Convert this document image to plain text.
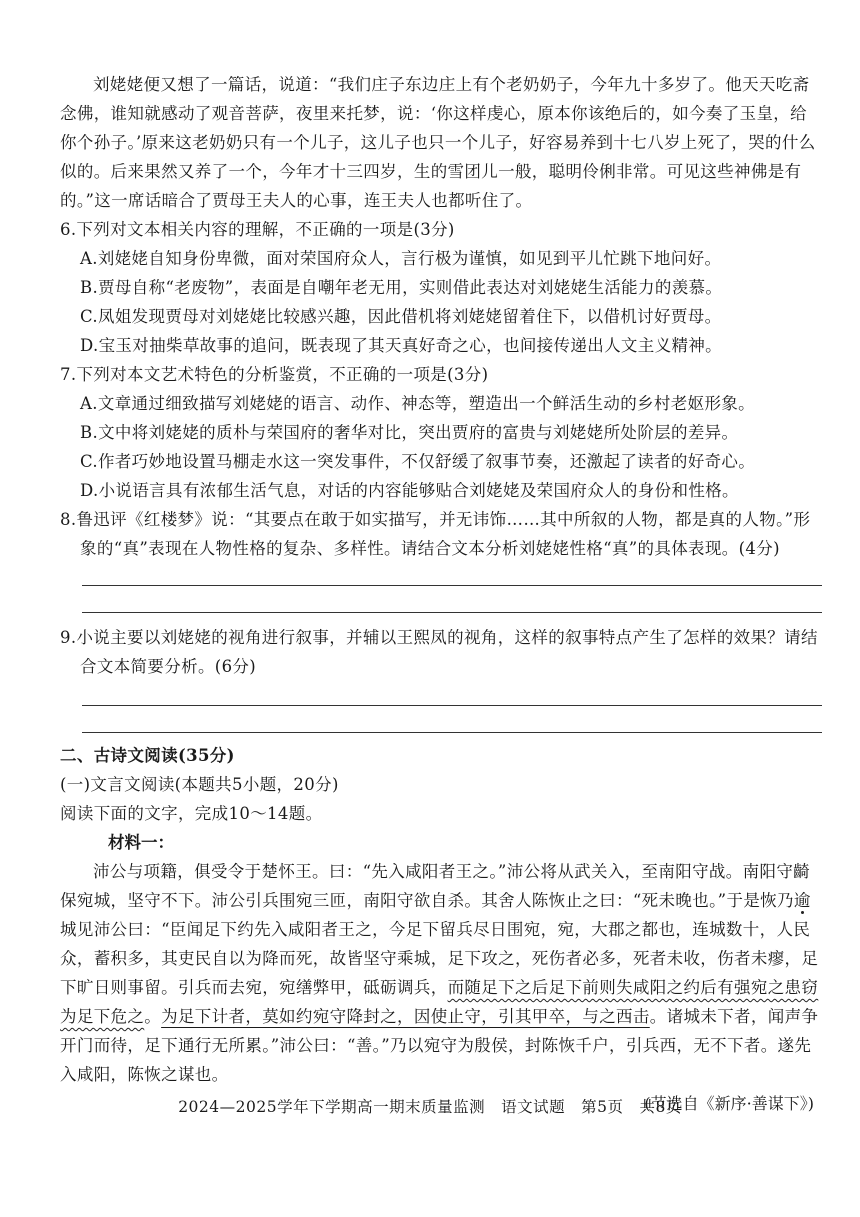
刘姥姥便又想了一篇话，说道：“我们庄子东边庄上有个老奶奶子，今年九十多岁了。他天天吃斋念佛，谁知就感动了观音菩萨，夜里来托梦，说：‘你这样虔心，原本你该绝后的，如今奏了玉皇，给你个孙子。’原来这老奶奶只有一个儿子，这儿子也只一个儿子，好容易养到十七八岁上死了，哭的什么似的。后来果然又养了一个，今年才十三四岁，生的雪团儿一般，聪明伶俐非常。可见这些神佛是有的。”这一席话暗合了贾母王夫人的心事，连王夫人也都听住了。

6.下列对文本相关内容的理解，不正确的一项是(3分)

A.刘姥姥自知身份卑微，面对荣国府众人，言行极为谨慎，如见到平儿忙跳下地问好。

B.贾母自称“老废物”，表面是自嘲年老无用，实则借此表达对刘姥姥生活能力的羡慕。

C.凤姐发现贾母对刘姥姥比较感兴趣，因此借机将刘姥姥留着住下，以借机讨好贾母。

D.宝玉对抽柴草故事的追问，既表现了其天真好奇之心，也间接传递出人文主义精神。

7.下列对本文艺术特色的分析鉴赏，不正确的一项是(3分)

A.文章通过细致描写刘姥姥的语言、动作、神态等，塑造出一个鲜活生动的乡村老妪形象。

B.文中将刘姥姥的质朴与荣国府的奢华对比，突出贾府的富贵与刘姥姥所处阶层的差异。

C.作者巧妙地设置马棚走水这一突发事件，不仅舒缓了叙事节奏，还激起了读者的好奇心。

D.小说语言具有浓郁生活气息，对话的内容能够贴合刘姥姥及荣国府众人的身份和性格。

8.鲁迅评《红楼梦》说：“其要点在敢于如实描写，并无讳饰……其中所叙的人物，都是真的人物。”形象的“真”表现在人物性格的复杂、多样性。请结合文本分析刘姥姥性格“真”的具体表现。(4分)

9.小说主要以刘姥姥的视角进行叙事，并辅以王熙凤的视角，这样的叙事特点产生了怎样的效果？请结合文本简要分析。(6分)

二、古诗文阅读(35分)

(一)文言文阅读(本题共5小题，20分)

阅读下面的文字，完成10～14题。

材料一：

沛公与项籍，俱受令于楚怀王。曰：“先入咸阳者王之。”沛公将从武关入，至南阳守战。南阳守齮保宛城，坚守不下。沛公引兵围宛三匝，南阳守欲自杀。其舍人陈恢止之曰：“死未晚也。”于是恢乃逾城见沛公曰：“臣闻足下约先入咸阳者王之，今足下留兵尽日围宛，宛，大郡之都也，连城数十，人民众，蓄积多，其吏民自以为降而死，故皆坚守乘城，足下攻之，死伤者必多，死者未收，伤者未瘳，足下旷日则事留。引兵而去宛，宛缮弊甲，砥砺调兵，而随足下之后足下前则失咸阳之约后有强宛之患窃为足下危之。为足下计者，莫如约宛守降封之，因使止守，引其甲卒，与之西击。诸城未下者，闻声争开门而待，足下通行无所累。”沛公曰：“善。”乃以宛守为殷侯，封陈恢千户，引兵西，无不下者。遂先入咸阳，陈恢之谋也。

(节选自《新序·善谋下》)

2024—2025学年下学期高一期末质量监测　语文试题　第5页　共8页
